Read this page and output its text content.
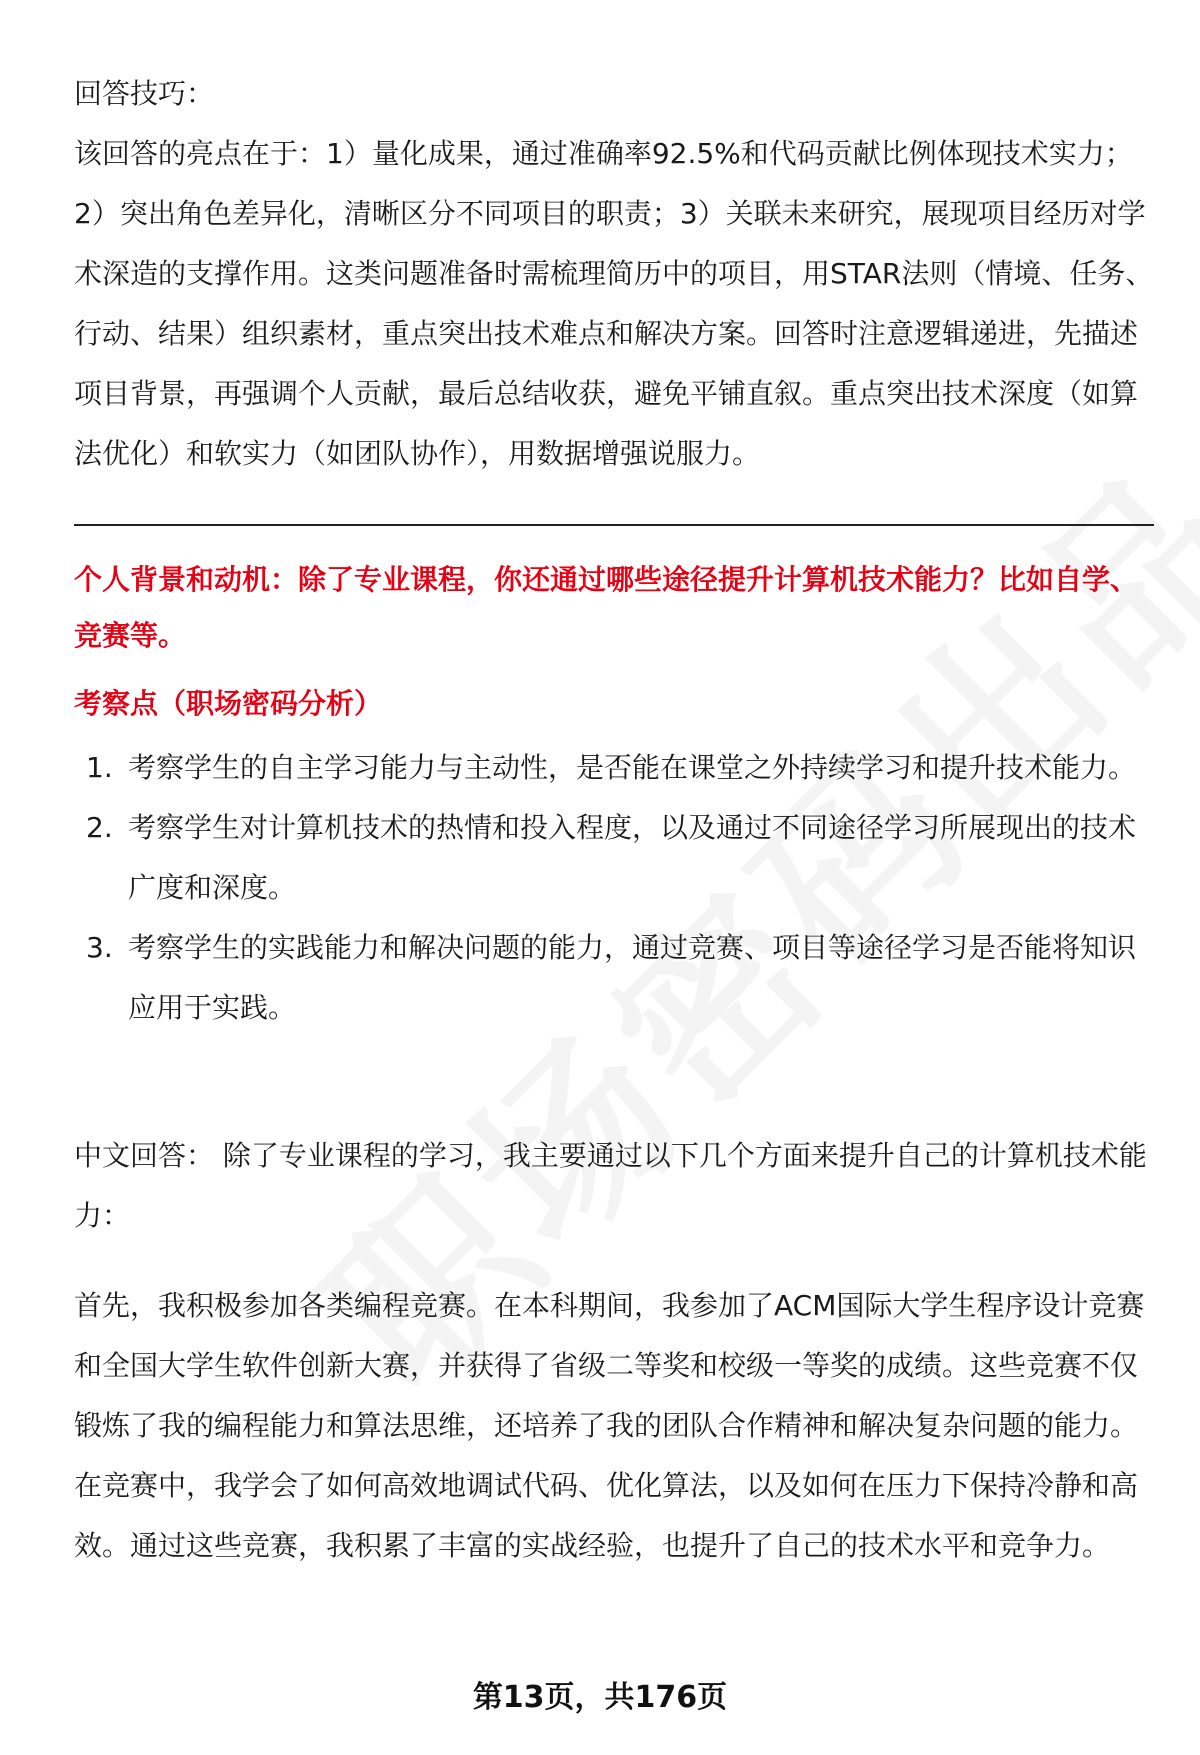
回答技巧：

该回答的亮点在于：1）量化成果，通过准确率92.5%和代码贡献比例体现技术实力；2）突出角色差异化，清晰区分不同项目的职责；3）关联未来研究，展现项目经历对学术深造的支撑作用。这类问题准备时需梳理简历中的项目，用STAR法则（情境、任务、行动、结果）组织素材，重点突出技术难点和解决方案。回答时注意逻辑递进，先描述项目背景，再强调个人贡献，最后总结收获，避免平铺直叙。重点突出技术深度（如算法优化）和软实力（如团队协作），用数据增强说服力。

个人背景和动机：除了专业课程，你还通过哪些途径提升计算机技术能力？比如自学、竞赛等。

考察点（职场密码分析）

1. 考察学生的自主学习能力与主动性，是否能在课堂之外持续学习和提升技术能力。
2. 考察学生对计算机技术的热情和投入程度，以及通过不同途径学习所展现出的技术广度和深度。
3. 考察学生的实践能力和解决问题的能力，通过竞赛、项目等途径学习是否能将知识应用于实践。

中文回答： 除了专业课程的学习，我主要通过以下几个方面来提升自己的计算机技术能力：

首先，我积极参加各类编程竞赛。在本科期间，我参加了ACM国际大学生程序设计竞赛和全国大学生软件创新大赛，并获得了省级二等奖和校级一等奖的成绩。这些竞赛不仅锻炼了我的编程能力和算法思维，还培养了我的团队合作精神和解决复杂问题的能力。在竞赛中，我学会了如何高效地调试代码、优化算法，以及如何在压力下保持冷静和高效。通过这些竞赛，我积累了丰富的实战经验，也提升了自己的技术水平和竞争力。

第13页，共176页
